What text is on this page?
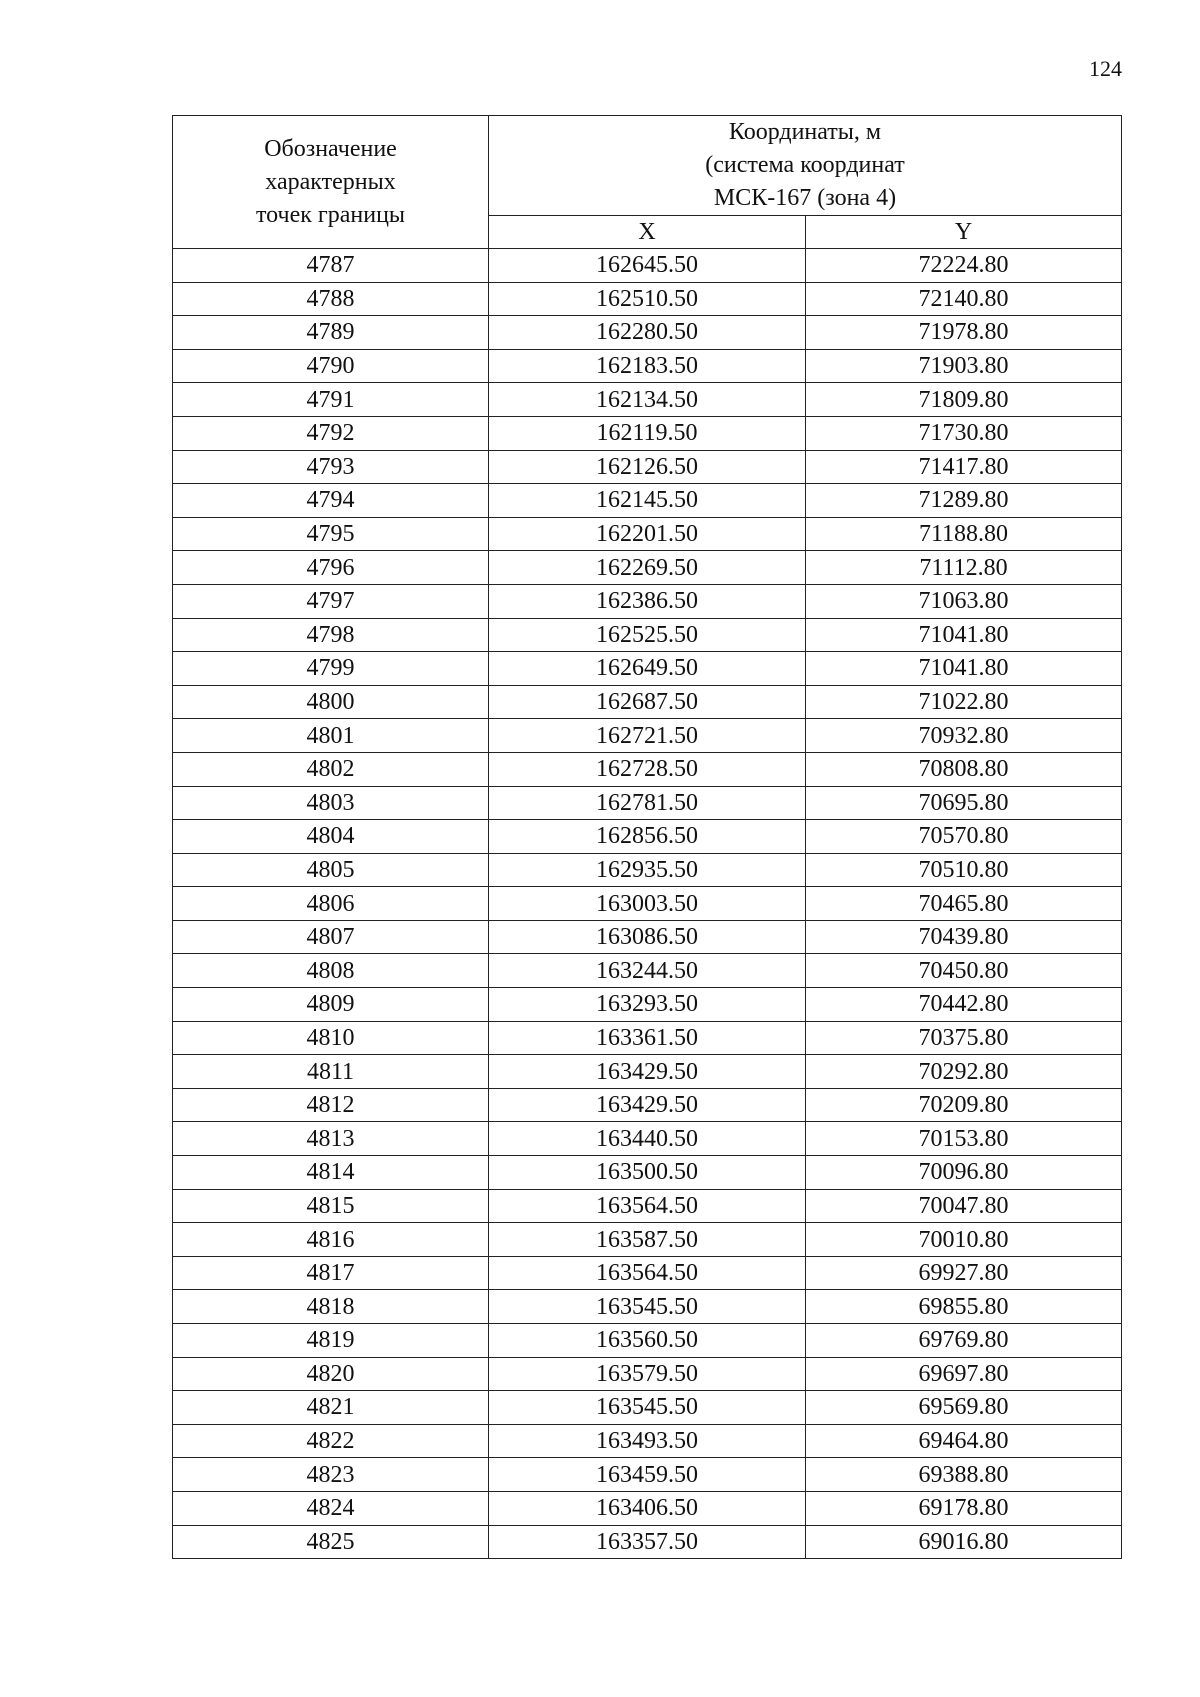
124
Обозначение
характерных
точек границы	Координаты, м
(система координат
МСК-167 (зона 4)	

	X	Y
4787	162645.50	72224.80
4788	162510.50	72140.80
4789	162280.50	71978.80
4790	162183.50	71903.80
4791	162134.50	71809.80
4792	162119.50	71730.80
4793	162126.50	71417.80
4794	162145.50	71289.80
4795	162201.50	71188.80
4796	162269.50	71112.80
4797	162386.50	71063.80
4798	162525.50	71041.80
4799	162649.50	71041.80
4800	162687.50	71022.80
4801	162721.50	70932.80
4802	162728.50	70808.80
4803	162781.50	70695.80
4804	162856.50	70570.80
4805	162935.50	70510.80
4806	163003.50	70465.80
4807	163086.50	70439.80
4808	163244.50	70450.80
4809	163293.50	70442.80
4810	163361.50	70375.80
4811	163429.50	70292.80
4812	163429.50	70209.80
4813	163440.50	70153.80
4814	163500.50	70096.80
4815	163564.50	70047.80
4816	163587.50	70010.80
4817	163564.50	69927.80
4818	163545.50	69855.80
4819	163560.50	69769.80
4820	163579.50	69697.80
4821	163545.50	69569.80
4822	163493.50	69464.80
4823	163459.50	69388.80
4824	163406.50	69178.80
4825	163357.50	69016.80
